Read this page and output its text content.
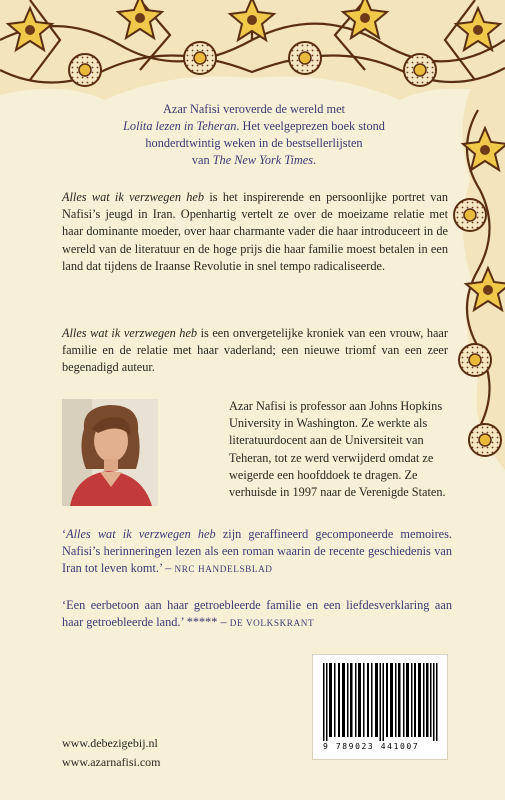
Azar Nafisi veroverde de wereld met
Lolita lezen in Teheran. Het veelgeprezen boek stond
honderdtwintig weken in de bestsellerlijsten
van The New York Times.
Alles wat ik verzwegen heb is het inspirerende en persoonlijke portret van Nafisi’s jeugd in Iran. Openhartig vertelt ze over de moeizame relatie met haar dominante moeder, over haar charmante vader die haar introduceert in de wereld van de literatuur en de hoge prijs die haar familie moest betalen in een land dat tijdens de Iraanse Revolutie in snel tempo radicaliseerde.
Alles wat ik verzwegen heb is een onvergetelijke kroniek van een vrouw, haar familie en de relatie met haar vaderland; een nieuwe triomf van een zeer begenadigd auteur.
Azar Nafisi is professor aan Johns Hopkins University in Washington. Ze werkte als literatuurdocent aan de Universiteit van Teheran, tot ze werd verwijderd omdat ze weigerde een hoofddoek te dragen. Ze verhuisde in 1997 naar de Verenigde Staten.
‘Alles wat ik verzwegen heb zijn geraffineerd gecomponeerde memoires. Nafisi’s herinneringen lezen als een roman waarin de recente geschiedenis van Iran tot leven komt.’ – NRC HANDELSBLAD
‘Een eerbetoon aan haar getroebleerde familie en een liefdesverklaring aan haar getroebleerde land.’ ***** – DE VOLKSKRANT
9 789023 441007
www.debezigebij.nl
www.azarnafisi.com
